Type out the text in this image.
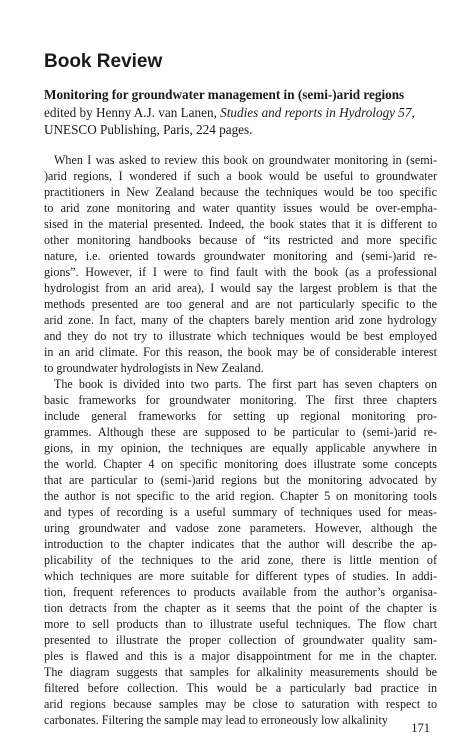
Book Review
Monitoring for groundwater management in (semi-)arid regions
edited by Henny A.J. van Lanen, Studies and reports in Hydrology 57,
UNESCO Publishing, Paris, 224 pages.
When I was asked to review this book on groundwater monitoring in (semi-
)arid regions, I wondered if such a book would be useful to groundwater
practitioners in New Zealand because the techniques would be too specific
to arid zone monitoring and water quantity issues would be over-empha-
sised in the material presented. Indeed, the book states that it is different to
other monitoring handbooks because of “its restricted and more specific
nature, i.e. oriented towards groundwater monitoring and (semi-)arid re-
gions”. However, if I were to find fault with the book (as a professional
hydrologist from an arid area), I would say the largest problem is that the
methods presented are too general and are not particularly specific to the
arid zone. In fact, many of the chapters barely mention arid zone hydrology
and they do not try to illustrate which techniques would be best employed
in an arid climate. For this reason, the book may be of considerable interest
to groundwater hydrologists in New Zealand.
The book is divided into two parts. The first part has seven chapters on
basic frameworks for groundwater monitoring. The first three chapters
include general frameworks for setting up regional monitoring pro-
grammes. Although these are supposed to be particular to (semi-)arid re-
gions, in my opinion, the techniques are equally applicable anywhere in
the world. Chapter 4 on specific monitoring does illustrate some concepts
that are particular to (semi-)arid regions but the monitoring advocated by
the author is not specific to the arid region. Chapter 5 on monitoring tools
and types of recording is a useful summary of techniques used for meas-
uring groundwater and vadose zone parameters. However, although the
introduction to the chapter indicates that the author will describe the ap-
plicability of the techniques to the arid zone, there is little mention of
which techniques are more suitable for different types of studies. In addi-
tion, frequent references to products available from the author’s organisa-
tion detracts from the chapter as it seems that the point of the chapter is
more to sell products than to illustrate useful techniques. The flow chart
presented to illustrate the proper collection of groundwater quality sam-
ples is flawed and this is a major disappointment for me in the chapter.
The diagram suggests that samples for alkalinity measurements should be
filtered before collection. This would be a particularly bad practice in
arid regions because samples may be close to saturation with respect to
carbonates. Filtering the sample may lead to erroneously low alkalinity
171
